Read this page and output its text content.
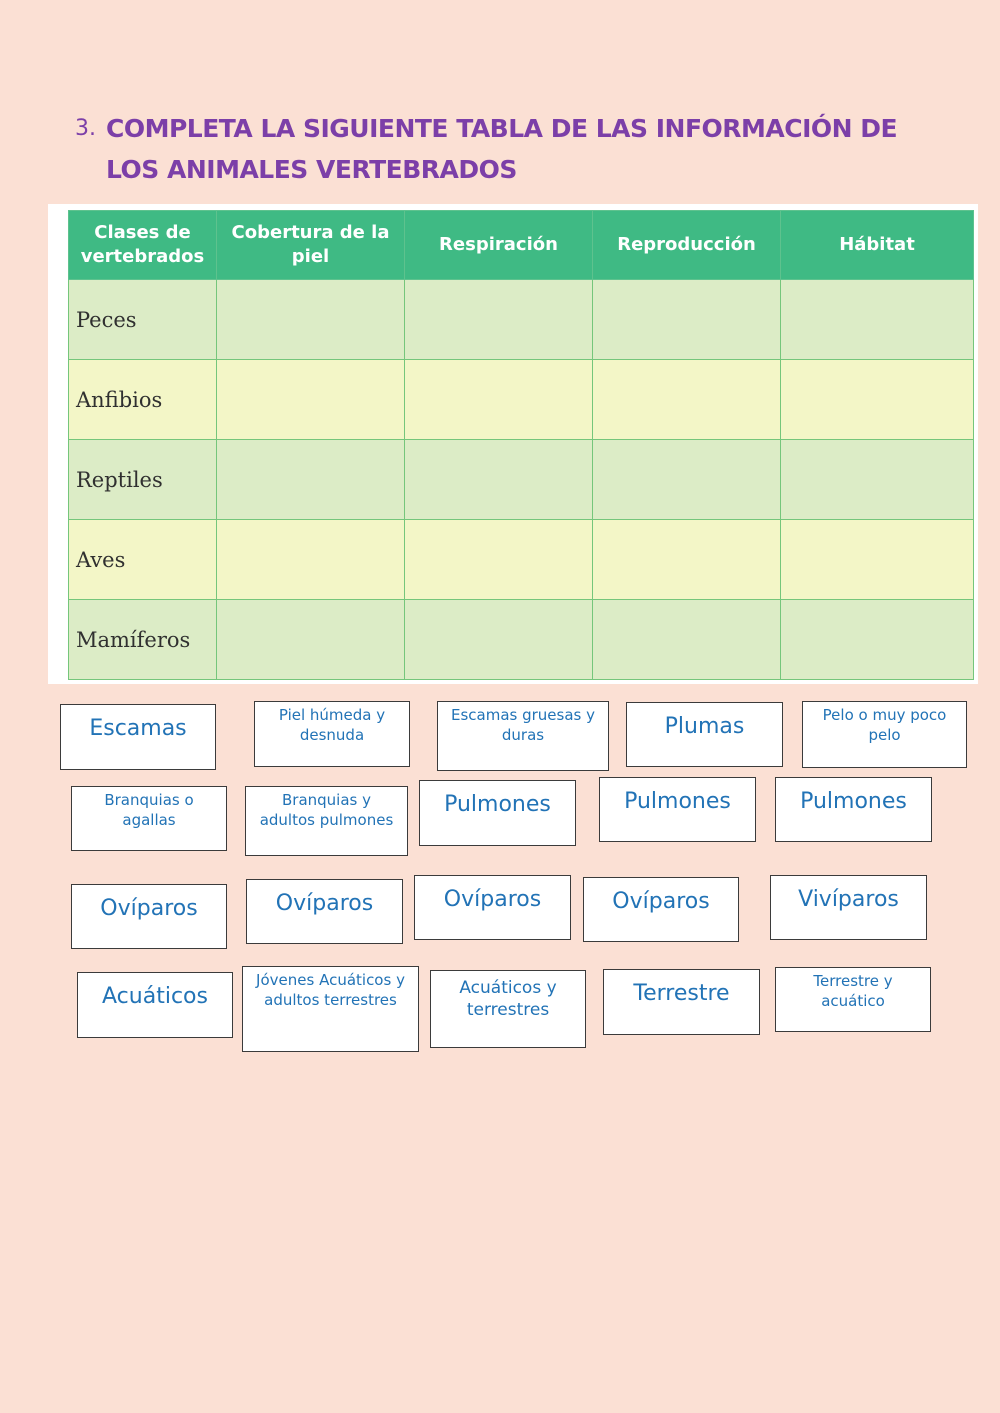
3. COMPLETA LA SIGUIENTE TABLA DE LAS INFORMACIÓN DE LOS ANIMALES VERTEBRADOS
Clases de vertebrados	Cobertura de la piel	Respiración	Reproducción	Hábitat
Peces				
Anfibios				
Reptiles				
Aves				
Mamíferos				
Escamas
Piel húmeda y desnuda
Escamas gruesas y duras	Plumas	Pelo o muy poco pelo
Branquias o agallas
Branquias y adultos pulmones
Pulmones	Pulmones	Pulmones
Ovíparos	Ovíparos	Ovíparos	Ovíparos	Vivíparos
Acuáticos
Jóvenes Acuáticos y adultos terrestres
Acuáticos y terrestres
Terrestre	Terrestre y acuático
